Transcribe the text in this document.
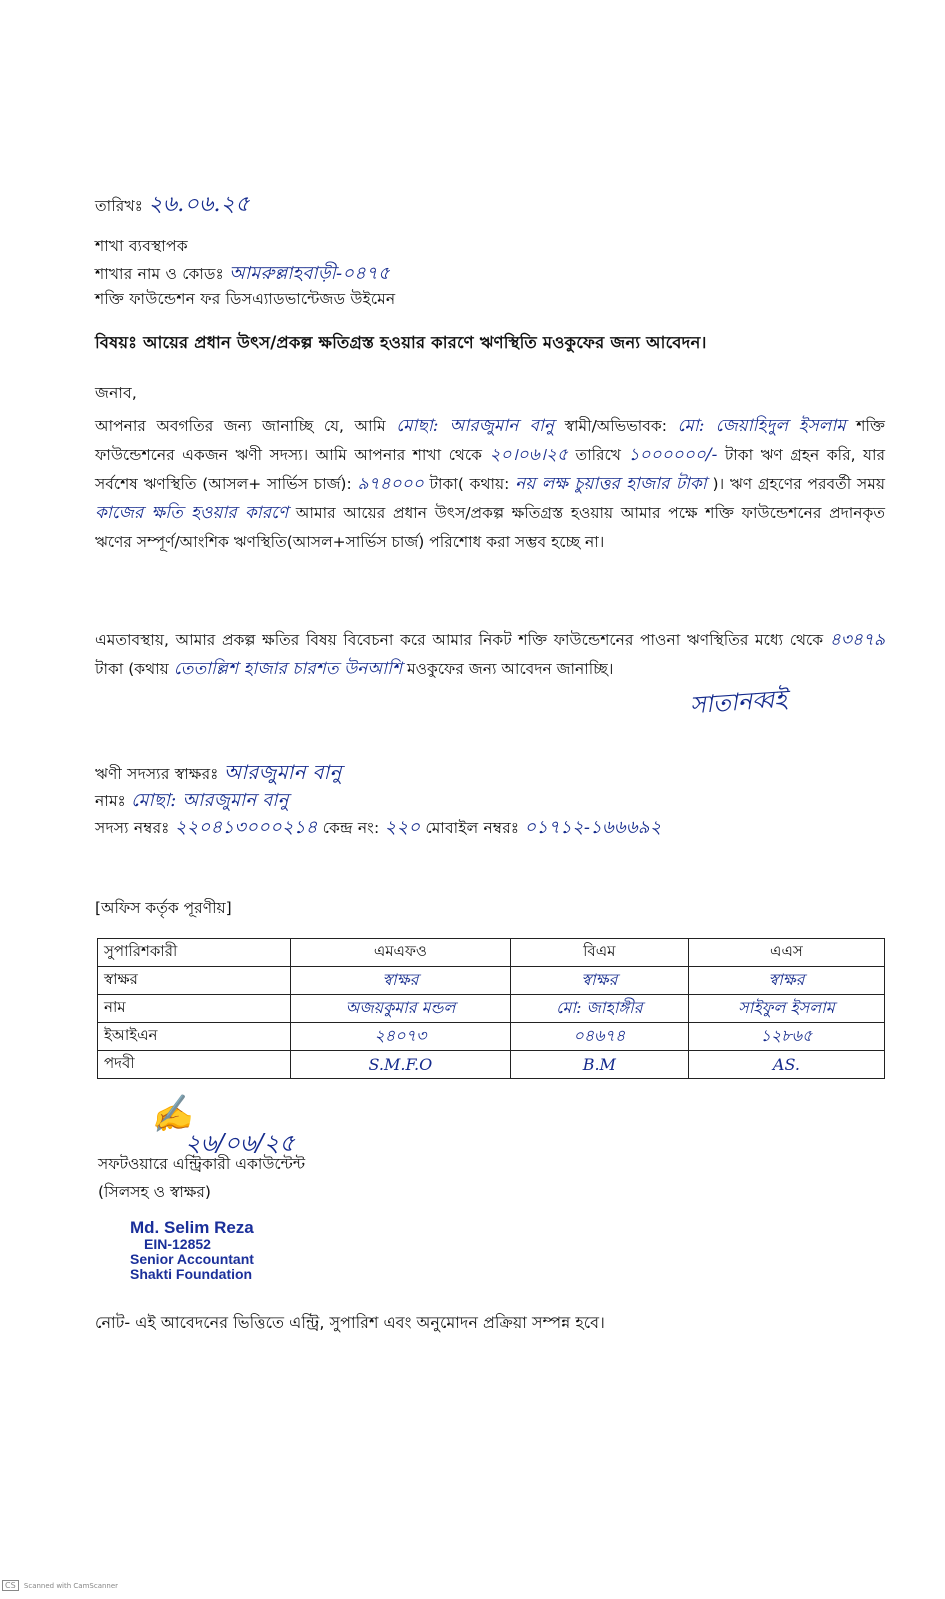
তারিখঃ ২৬.০৬.২৫
শাখা ব্যবস্থাপক
শাখার নাম ও কোডঃ আমরুল্লাহবাড়ী-০৪৭৫
শক্তি ফাউন্ডেশন ফর ডিসএ্যাডভান্টেজড উইমেন
বিষয়ঃ আয়ের প্রধান উৎস/প্রকল্প ক্ষতিগ্রস্ত হওয়ার কারণে ঋণস্থিতি মওকুফের জন্য আবেদন।
জনাব,
আপনার অবগতির জন্য জানাচ্ছি যে, আমি মোছা: আরজুমান বানু স্বামী/অভিভাবক: মো: জেয়াহিদুল ইসলাম শক্তি ফাউন্ডেশনের একজন ঋণী সদস্য। আমি আপনার শাখা থেকে ২০।০৬।২৫ তারিখে ১০০০০০০/- টাকা ঋণ গ্রহন করি, যার সর্বশেষ ঋণস্থিতি (আসল+ সার্ভিস চার্জ): ৯৭৪০০০ টাকা( কথায়: নয় লক্ষ চুয়াত্তর হাজার টাকা )। ঋণ গ্রহণের পরবর্তী সময় কাজের ক্ষতি হওয়ার কারণে আমার আয়ের প্রধান উৎস/প্রকল্প ক্ষতিগ্রস্ত হওয়ায় আমার পক্ষে শক্তি ফাউন্ডেশনের প্রদানকৃত ঋণের সম্পূর্ণ/আংশিক ঋণস্থিতি(আসল+সার্ভিস চার্জ) পরিশোধ করা সম্ভব হচ্ছে না।
এমতাবস্থায়, আমার প্রকল্প ক্ষতির বিষয় বিবেচনা করে আমার নিকট শক্তি ফাউন্ডেশনের পাওনা ঋণস্থিতির মধ্যে থেকে ৪৩৪৭৯ টাকা (কথায় তেতাল্লিশ হাজার চারশত উনআশি মওকুফের জন্য আবেদন জানাচ্ছি।
সাতানব্বই
ঋণী সদস্যর স্বাক্ষরঃ আরজুমান বানু
নামঃ মোছা: আরজুমান বানু
সদস্য নম্বরঃ ২২০৪১৩০০০২১৪ কেন্দ্র নং: ২২০ মোবাইল নম্বরঃ ০১৭১২-১৬৬৬৯২
[অফিস কর্তৃক পূরণীয়]
সুপারিশকারী	এমএফও	বিএম	এএস
স্বাক্ষর	স্বাক্ষর	স্বাক্ষর	স্বাক্ষর
নাম	অজয়কুমার মন্ডল	মো: জাহাঙ্গীর	সাইফুল ইসলাম
ইআইএন	২৪০৭৩	০৪৬৭৪	১২৮৬৫
পদবী	S.M.F.O	B.M	AS.
✍
২৬/০৬/২৫
সফটওয়ারে এন্ট্রিকারী একাউন্টেন্ট
(সিলসহ ও স্বাক্ষর)
Md. Selim Reza
EIN-12852
Senior Accountant
Shakti Foundation
নোট- এই আবেদনের ভিত্তিতে এন্ট্রি, সুপারিশ এবং অনুমোদন প্রক্রিয়া সম্পন্ন হবে।
CS Scanned with CamScanner
